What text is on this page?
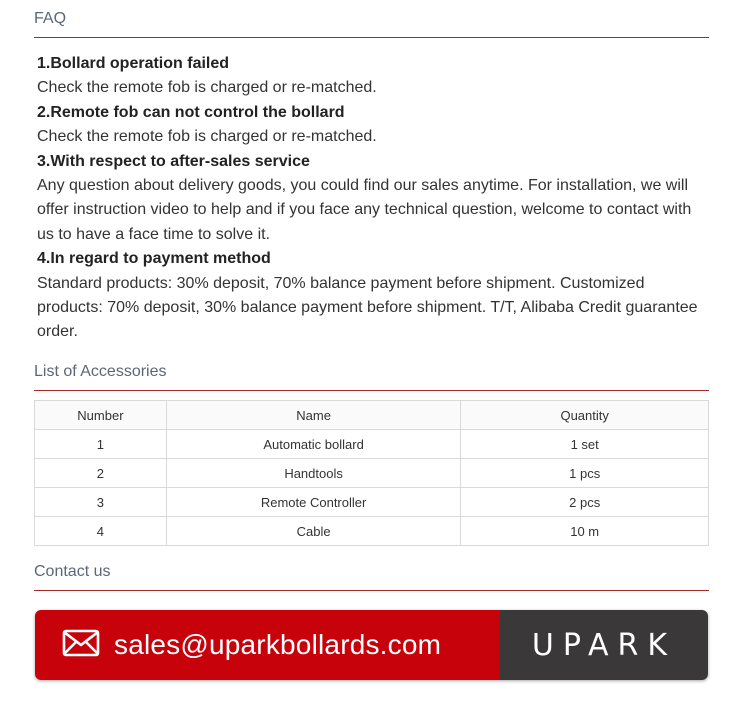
FAQ
1.Bollard operation failed
Check the remote fob is charged or re-matched.
2.Remote fob can not control the bollard
Check the remote fob is charged or re-matched.
3.With respect to after-sales service
Any question about delivery goods, you could find our sales anytime. For installation, we will offer instruction video to help and if you face any technical question, welcome to contact with us to have a face time to solve it.
4.In regard to payment method
Standard products: 30% deposit, 70% balance payment before shipment. Customized products: 70% deposit, 30% balance payment before shipment. T/T, Alibaba Credit guarantee order.
List of Accessories
Number	Name	Quantity
1	Automatic bollard	1 set
2	Handtools	1 pcs
3	Remote Controller	2 pcs
4	Cable	10 m
Contact us
sales@uparkbollards.com	UPARK
